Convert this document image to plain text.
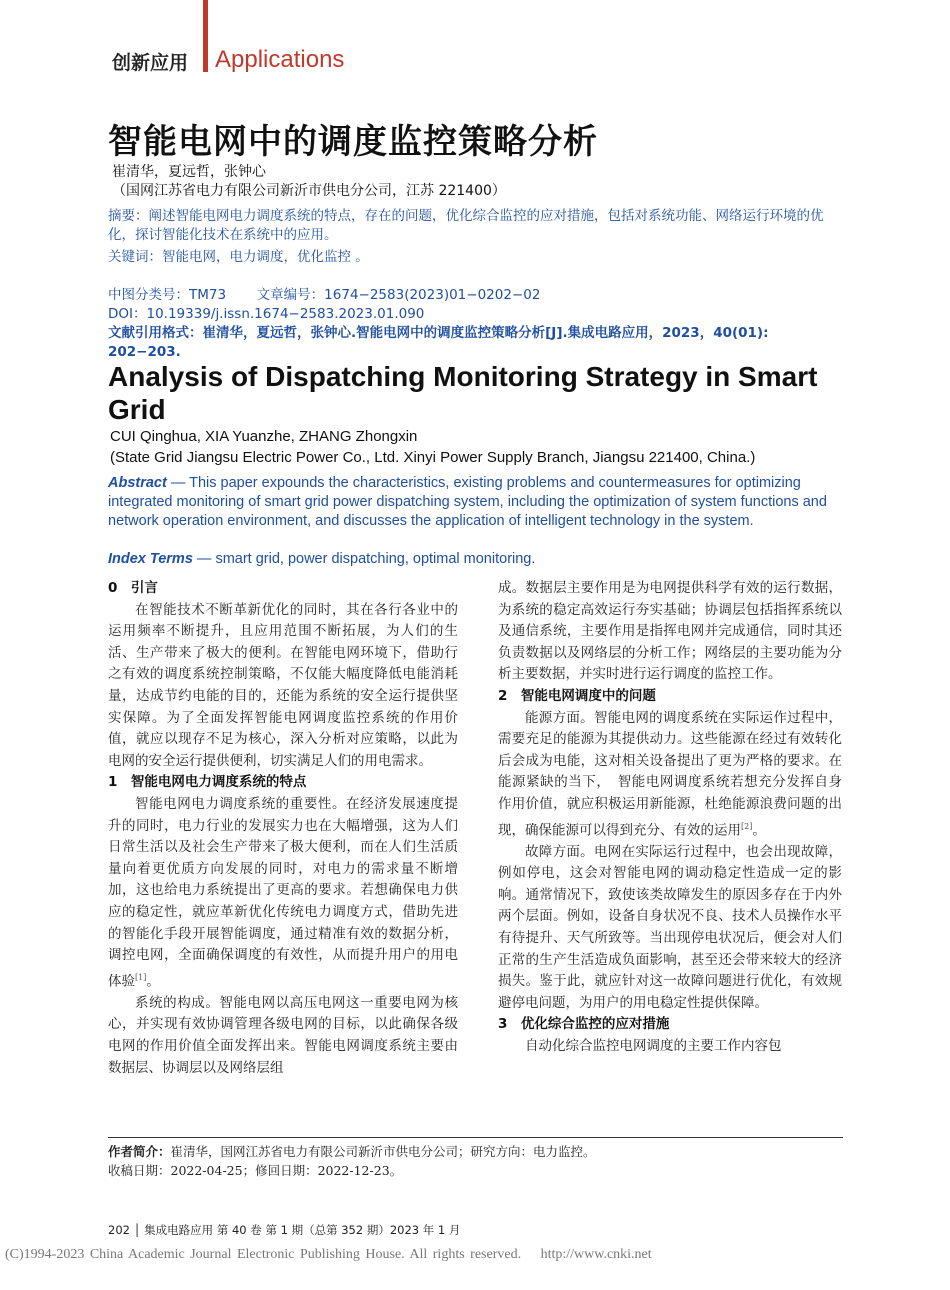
创新应用 Applications
智能电网中的调度监控策略分析
崔清华，夏远哲，张钟心
（国网江苏省电力有限公司新沂市供电分公司，江苏 221400）
摘要：阐述智能电网电力调度系统的特点，存在的问题，优化综合监控的应对措施，包括对系统功能、网络运行环境的优化，探讨智能化技术在系统中的应用。
关键词：智能电网，电力调度，优化监控 。
中图分类号：TM73 文章编号：1674−2583(2023)01−0202−02
DOI：10.19339/j.issn.1674−2583.2023.01.090
文献引用格式：崔清华，夏远哲，张钟心.智能电网中的调度监控策略分析[J].集成电路应用，2023，40(01): 202−203.
Analysis of Dispatching Monitoring Strategy in Smart Grid
CUI Qinghua, XIA Yuanzhe, ZHANG Zhongxin
(State Grid Jiangsu Electric Power Co., Ltd. Xinyi Power Supply Branch, Jiangsu 221400, China.)
Abstract — This paper expounds the characteristics, existing problems and countermeasures for optimizing integrated monitoring of smart grid power dispatching system, including the optimization of system functions and network operation environment, and discusses the application of intelligent technology in the system.
Index Terms — smart grid, power dispatching, optimal monitoring.

0　引言

在智能技术不断革新优化的同时，其在各行各业中的运用频率不断提升，且应用范围不断拓展，为人们的生活、生产带来了极大的便利。在智能电网环境下，借助行之有效的调度系统控制策略，不仅能大幅度降低电能消耗量，达成节约电能的目的，还能为系统的安全运行提供坚实保障。为了全面发挥智能电网调度监控系统的作用价值，就应以现存不足为核心，深入分析对应策略，以此为电网的安全运行提供便利，切实满足人们的用电需求。

1　智能电网电力调度系统的特点

智能电网电力调度系统的重要性。在经济发展速度提升的同时，电力行业的发展实力也在大幅增强，这为人们日常生活以及社会生产带来了极大便利，而在人们生活质量向着更优质方向发展的同时，对电力的需求量不断增加，这也给电力系统提出了更高的要求。若想确保电力供应的稳定性，就应革新优化传统电力调度方式，借助先进的智能化手段开展智能调度，通过精准有效的数据分析，调控电网，全面确保调度的有效性，从而提升用户的用电体验[1]。

系统的构成。智能电网以高压电网这一重要电网为核心，并实现有效协调管理各级电网的目标，以此确保各级电网的作用价值全面发挥出来。智能电网调度系统主要由数据层、协调层以及网络层组

成。数据层主要作用是为电网提供科学有效的运行数据，为系统的稳定高效运行夯实基础；协调层包括指挥系统以及通信系统，主要作用是指挥电网并完成通信，同时其还负责数据以及网络层的分析工作；网络层的主要功能为分析主要数据，并实时进行运行调度的监控工作。

2　智能电网调度中的问题

能源方面。智能电网的调度系统在实际运作过程中，需要充足的能源为其提供动力。这些能源在经过有效转化后会成为电能，这对相关设备提出了更为严格的要求。在能源紧缺的当下，　智能电网调度系统若想充分发挥自身作用价值，就应积极运用新能源，杜绝能源浪费问题的出现，确保能源可以得到充分、有效的运用[2]。

故障方面。电网在实际运行过程中，也会出现故障，例如停电，这会对智能电网的调动稳定性造成一定的影响。通常情况下，致使该类故障发生的原因多存在于内外两个层面。例如，设备自身状况不良、技术人员操作水平有待提升、天气所致等。当出现停电状况后，便会对人们正常的生产生活造成负面影响，甚至还会带来较大的经济损失。鉴于此，就应针对这一故障问题进行优化，有效规避停电问题，为用户的用电稳定性提供保障。

3　优化综合监控的应对措施

自动化综合监控电网调度的主要工作内容包

作者简介：崔清华，国网江苏省电力有限公司新沂市供电分公司；研究方向：电力监控。
收稿日期：2022-04-25；修回日期：2022-12-23。
202 │ 集成电路应用 第 40 卷 第 1 期（总第 352 期）2023 年 1 月
(C)1994-2023 China Academic Journal Electronic Publishing House. All rights reserved.　 http://www.cnki.net
